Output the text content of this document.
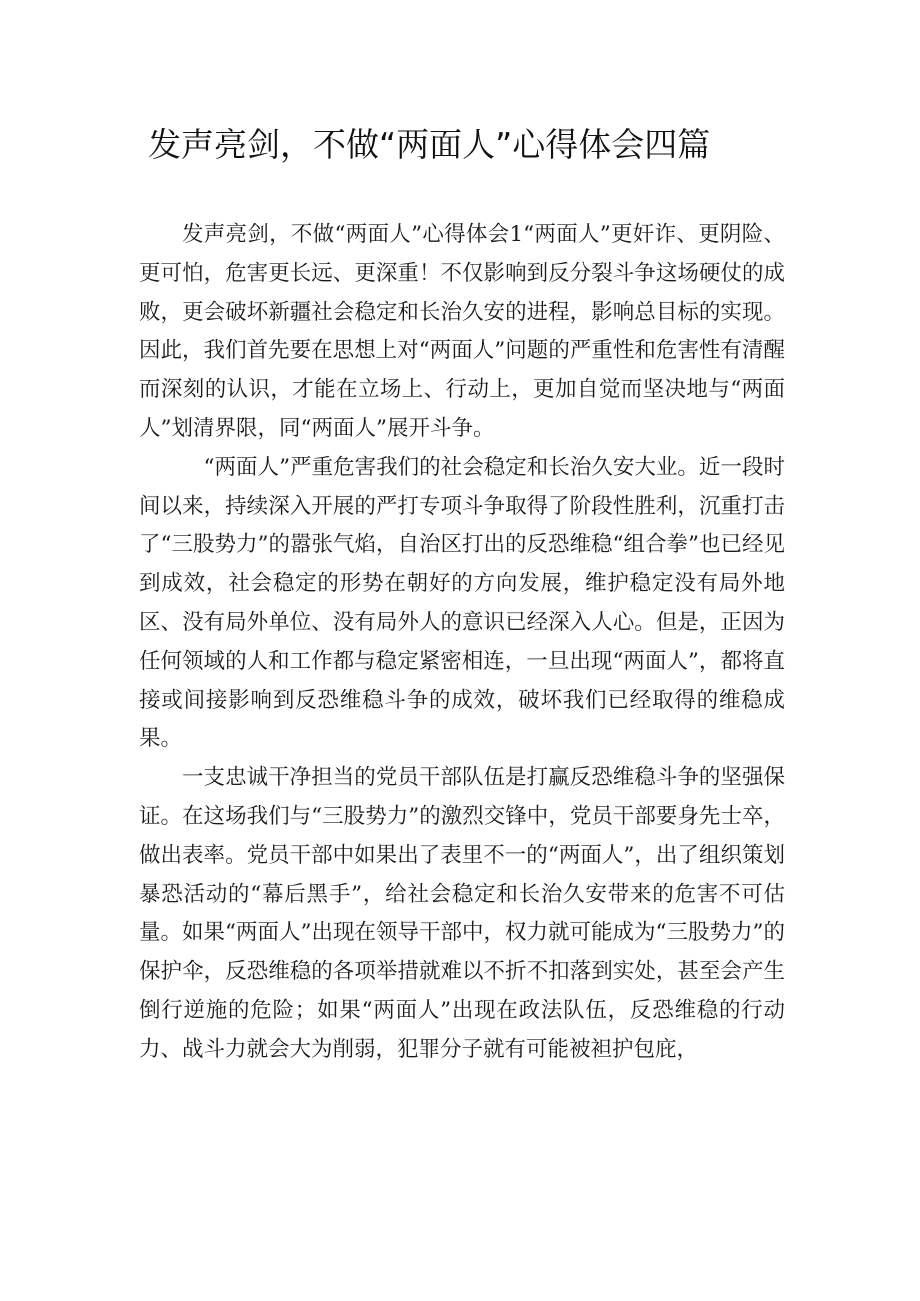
发声亮剑，不做“两面人”心得体会四篇

发声亮剑，不做“两面人”心得体会1“两面人”更奸诈、更阴险、更可怕，危害更长远、更深重！不仅影响到反分裂斗争这场硬仗的成败，更会破坏新疆社会稳定和长治久安的进程，影响总目标的实现。因此，我们首先要在思想上对“两面人”问题的严重性和危害性有清醒而深刻的认识，才能在立场上、行动上，更加自觉而坚决地与“两面人”划清界限，同“两面人”展开斗争。

“两面人”严重危害我们的社会稳定和长治久安大业。近一段时间以来，持续深入开展的严打专项斗争取得了阶段性胜利，沉重打击了“三股势力”的嚣张气焰，自治区打出的反恐维稳“组合拳”也已经见到成效，社会稳定的形势在朝好的方向发展，维护稳定没有局外地区、没有局外单位、没有局外人的意识已经深入人心。但是，正因为任何领域的人和工作都与稳定紧密相连，一旦出现“两面人”，都将直接或间接影响到反恐维稳斗争的成效，破坏我们已经取得的维稳成果。

一支忠诚干净担当的党员干部队伍是打赢反恐维稳斗争的坚强保证。在这场我们与“三股势力”的激烈交锋中，党员干部要身先士卒，做出表率。党员干部中如果出了表里不一的“两面人”，出了组织策划暴恐活动的“幕后黑手”，给社会稳定和长治久安带来的危害不可估量。如果“两面人”出现在领导干部中，权力就可能成为“三股势力”的保护伞，反恐维稳的各项举措就难以不折不扣落到实处，甚至会产生倒行逆施的危险；如果“两面人”出现在政法队伍，反恐维稳的行动力、战斗力就会大为削弱，犯罪分子就有可能被袒护包庇，
